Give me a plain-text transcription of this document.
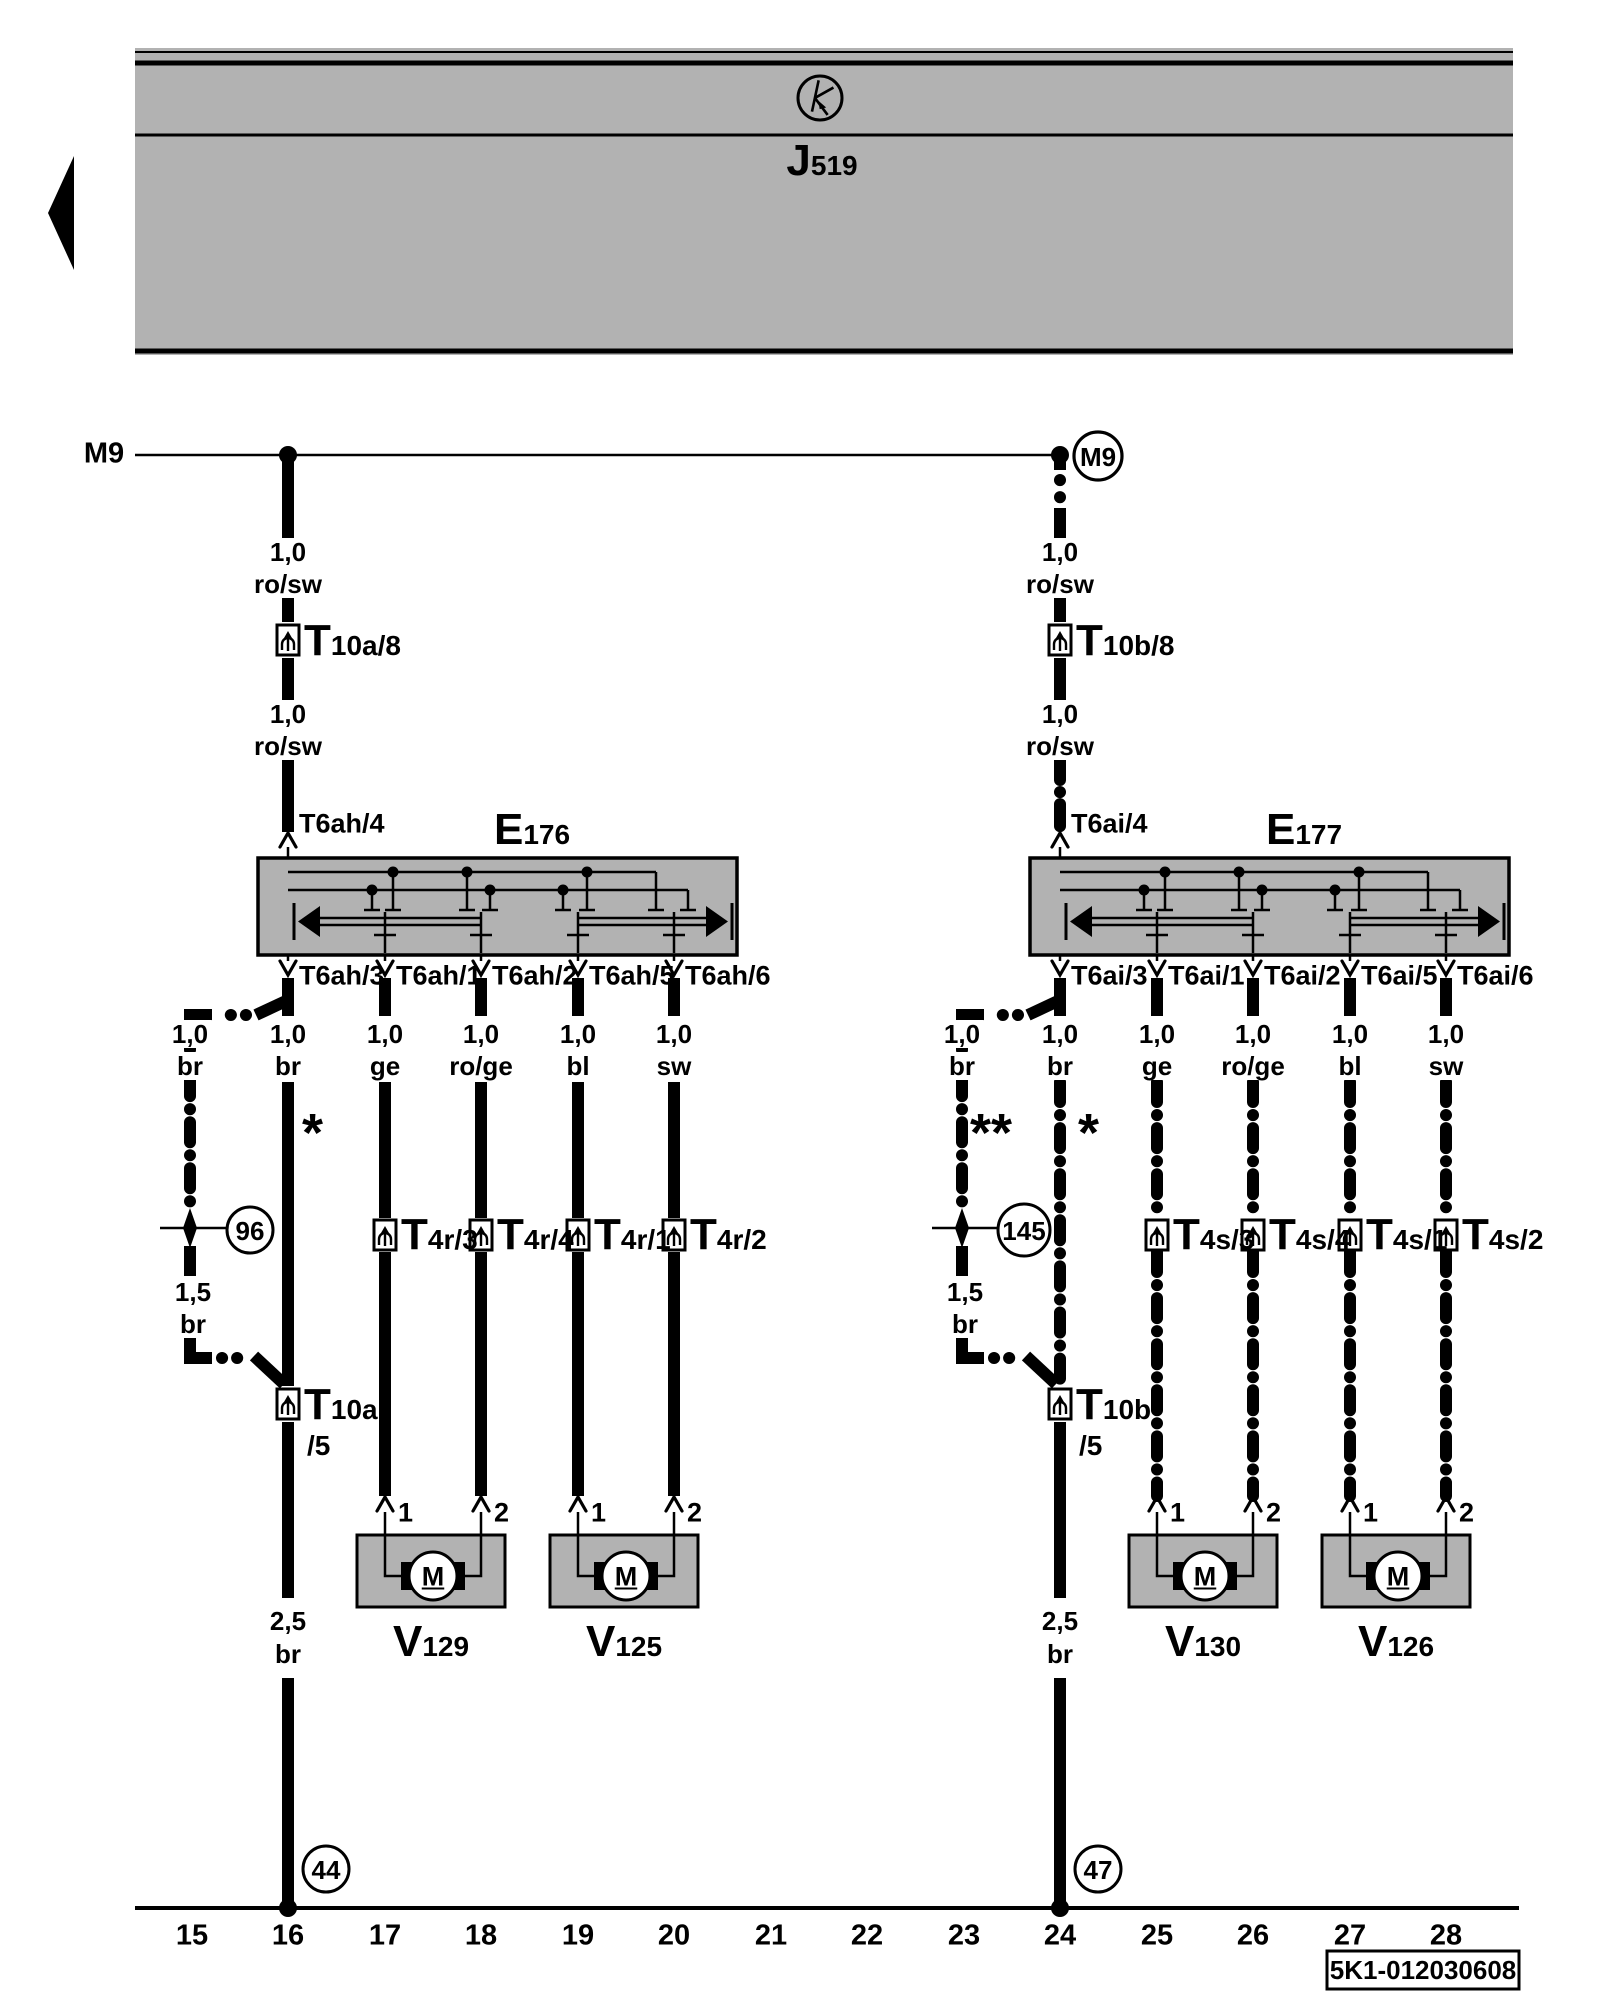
J519
M9	M9
1,0
ro/sw
T10a/8
1,0
ro/sw
T6ah/4 E176
1,0
ro/sw
T10b/8
1,0
ro/sw
T6ai/4	E177
T6ah/3 T6ah/1 T6ah/2 T6ah/5 T6ah/6	T6ai/3 T6ai/1 T6ai/2 T6ai/5 T6ai/6
1,0
br
1,0
br
1,0
ge
1,0
ro/ge
1,0
bl
1,0
sw
1,0
br
1,0
br
1,0
ge
1,0
ro/ge
1,0
bl
1,0
sw
*	** *
96
1,5
br
145
1,5
br
T4r/3 T4r/4 T4r/1 T4r/2	T4s/3 T4s/4 T4s/1 T4s/2
T10a
/5
T10b
/5
1	2	1	2	1	2	1	2
M	M	M	M
V129	V125	V130	V126
2,5
br
2,5
br
44	47
15 16 17 18 19 20 21 22 23 24 25 26 27 28
5K1-012030608
